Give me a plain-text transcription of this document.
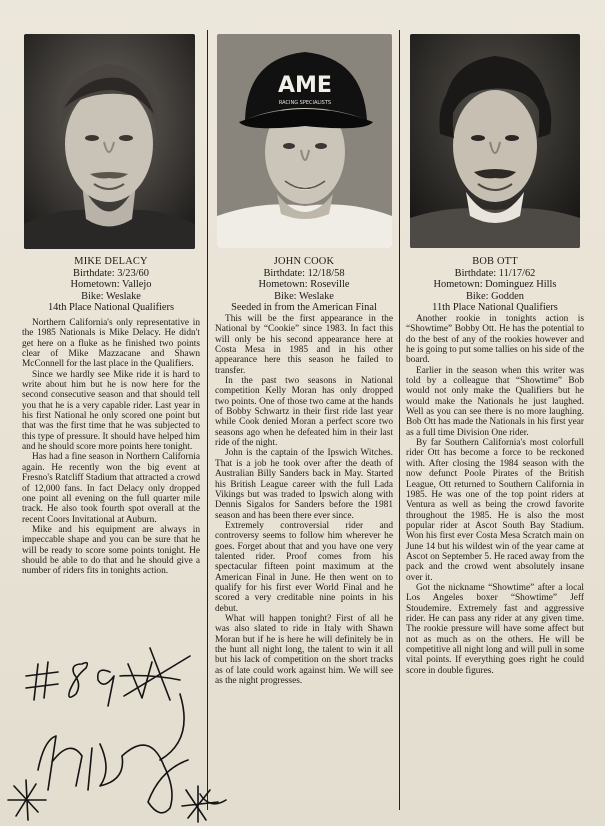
MIKE DELACY
Birthdate: 3/23/60
Hometown: Vallejo
Bike: Weslake
14th Place National Qualifiers

Northern California's only representative in the 1985 Nationals is Mike Delacy. He didn't get here on a fluke as he finished two points clear of Mike Mazzacane and Shawn McConnell for the last place in the Qualifiers.

Since we hardly see Mike ride it is hard to write about him but he is now here for the second consecutive season and that should tell you that he is a very capable rider. Last year in his first National he only scored one point but that was the first time that he was subjected to this type of pressure. It should have helped him and he should score more points here tonight.

Has had a fine season in Northern California again. He recently won the big event at Fresno's Ratcliff Stadium that attracted a crowd of 12,000 fans. In fact Delacy only dropped one point all evening on the full quarter mile track. He also took fourth spot overall at the recent Coors Invitational at Auburn.

Mike and his equipment are always in impeccable shape and you can be sure that he will be ready to score some points tonight. He should be able to do that and he should give a number of riders fits in tonights action.

AME
RACING SPECIALISTS
JOHN COOK
Birthdate: 12/18/58
Hometown: Roseville
Bike: Weslake
Seeded in from the American Final

This will be the first appearance in the National by “Cookie” since 1983. In fact this will only be his second appearance here at Costa Mesa in 1985 and in his other appearance here this season he failed to transfer.

In the past two seasons in National competition Kelly Moran has only dropped two points. One of those two came at the hands of Bobby Schwartz in their first ride last year while Cook denied Moran a perfect score two seasons ago when he defeated him in their last ride of the night.

John is the captain of the Ipswich Witches. That is a job he took over after the death of Australian Billy Sanders back in May. Started his British League career with the full Lada Vikings but was traded to Ipswich along with Dennis Sigalos for Sanders before the 1981 season and has been there ever since.

Extremely controversial rider and controversy seems to follow him wherever he goes. Forget about that and you have one very talented rider. Proof comes from his spectacular fifteen point maximum at the American Final in June. He then went on to qualify for his first ever World Final and he scored a very creditable nine points in his debut.

What will happen tonight? First of all he was also slated to ride in Italy with Shawn Moran but if he is here he will definitely be in the hunt all night long, the talent to win it all but his lack of competition on the short tracks as of late could work against him. We will see as the night progresses.

BOB OTT
Birthdate: 11/17/62
Hometown: Dominguez Hills
Bike: Godden
11th Place National Qualifiers

Another rookie in tonights action is “Showtime” Bobby Ott. He has the potential to do the best of any of the rookies however and he is going to put some tallies on his side of the board.

Earlier in the season when this writer was told by a colleague that “Showtime” Bob would not only make the Qualifiers but he would make the Nationals he just laughed. Well as you can see there is no more laughing. Bob Ott has made the Nationals in his first year as a full time Division One rider.

By far Southern California's most colorfull rider Ott has become a force to be reckoned with. After closing the 1984 season with the now defunct Poole Pirates of the British League, Ott returned to Southern California in 1985. He was one of the top point riders at Ventura as well as being the crowd favorite throughout the 1985. He is also the most popular rider at Ascot South Bay Stadium. Won his first ever Costa Mesa Scratch main on June 14 but his wildest win of the year came at Ascot on September 5. He raced away from the pack and the crowd went absolutely insane over it.

Got the nickname “Showtime” after a local Los Angeles boxer “Showtime” Jeff Stoudemire. Extremely fast and aggressive rider. He can pass any rider at any given time. The rookie pressure will have some affect but not as much as on the others. He will be competitive all night long and will pull in some vital points. If everything goes right he could score in double figures.
